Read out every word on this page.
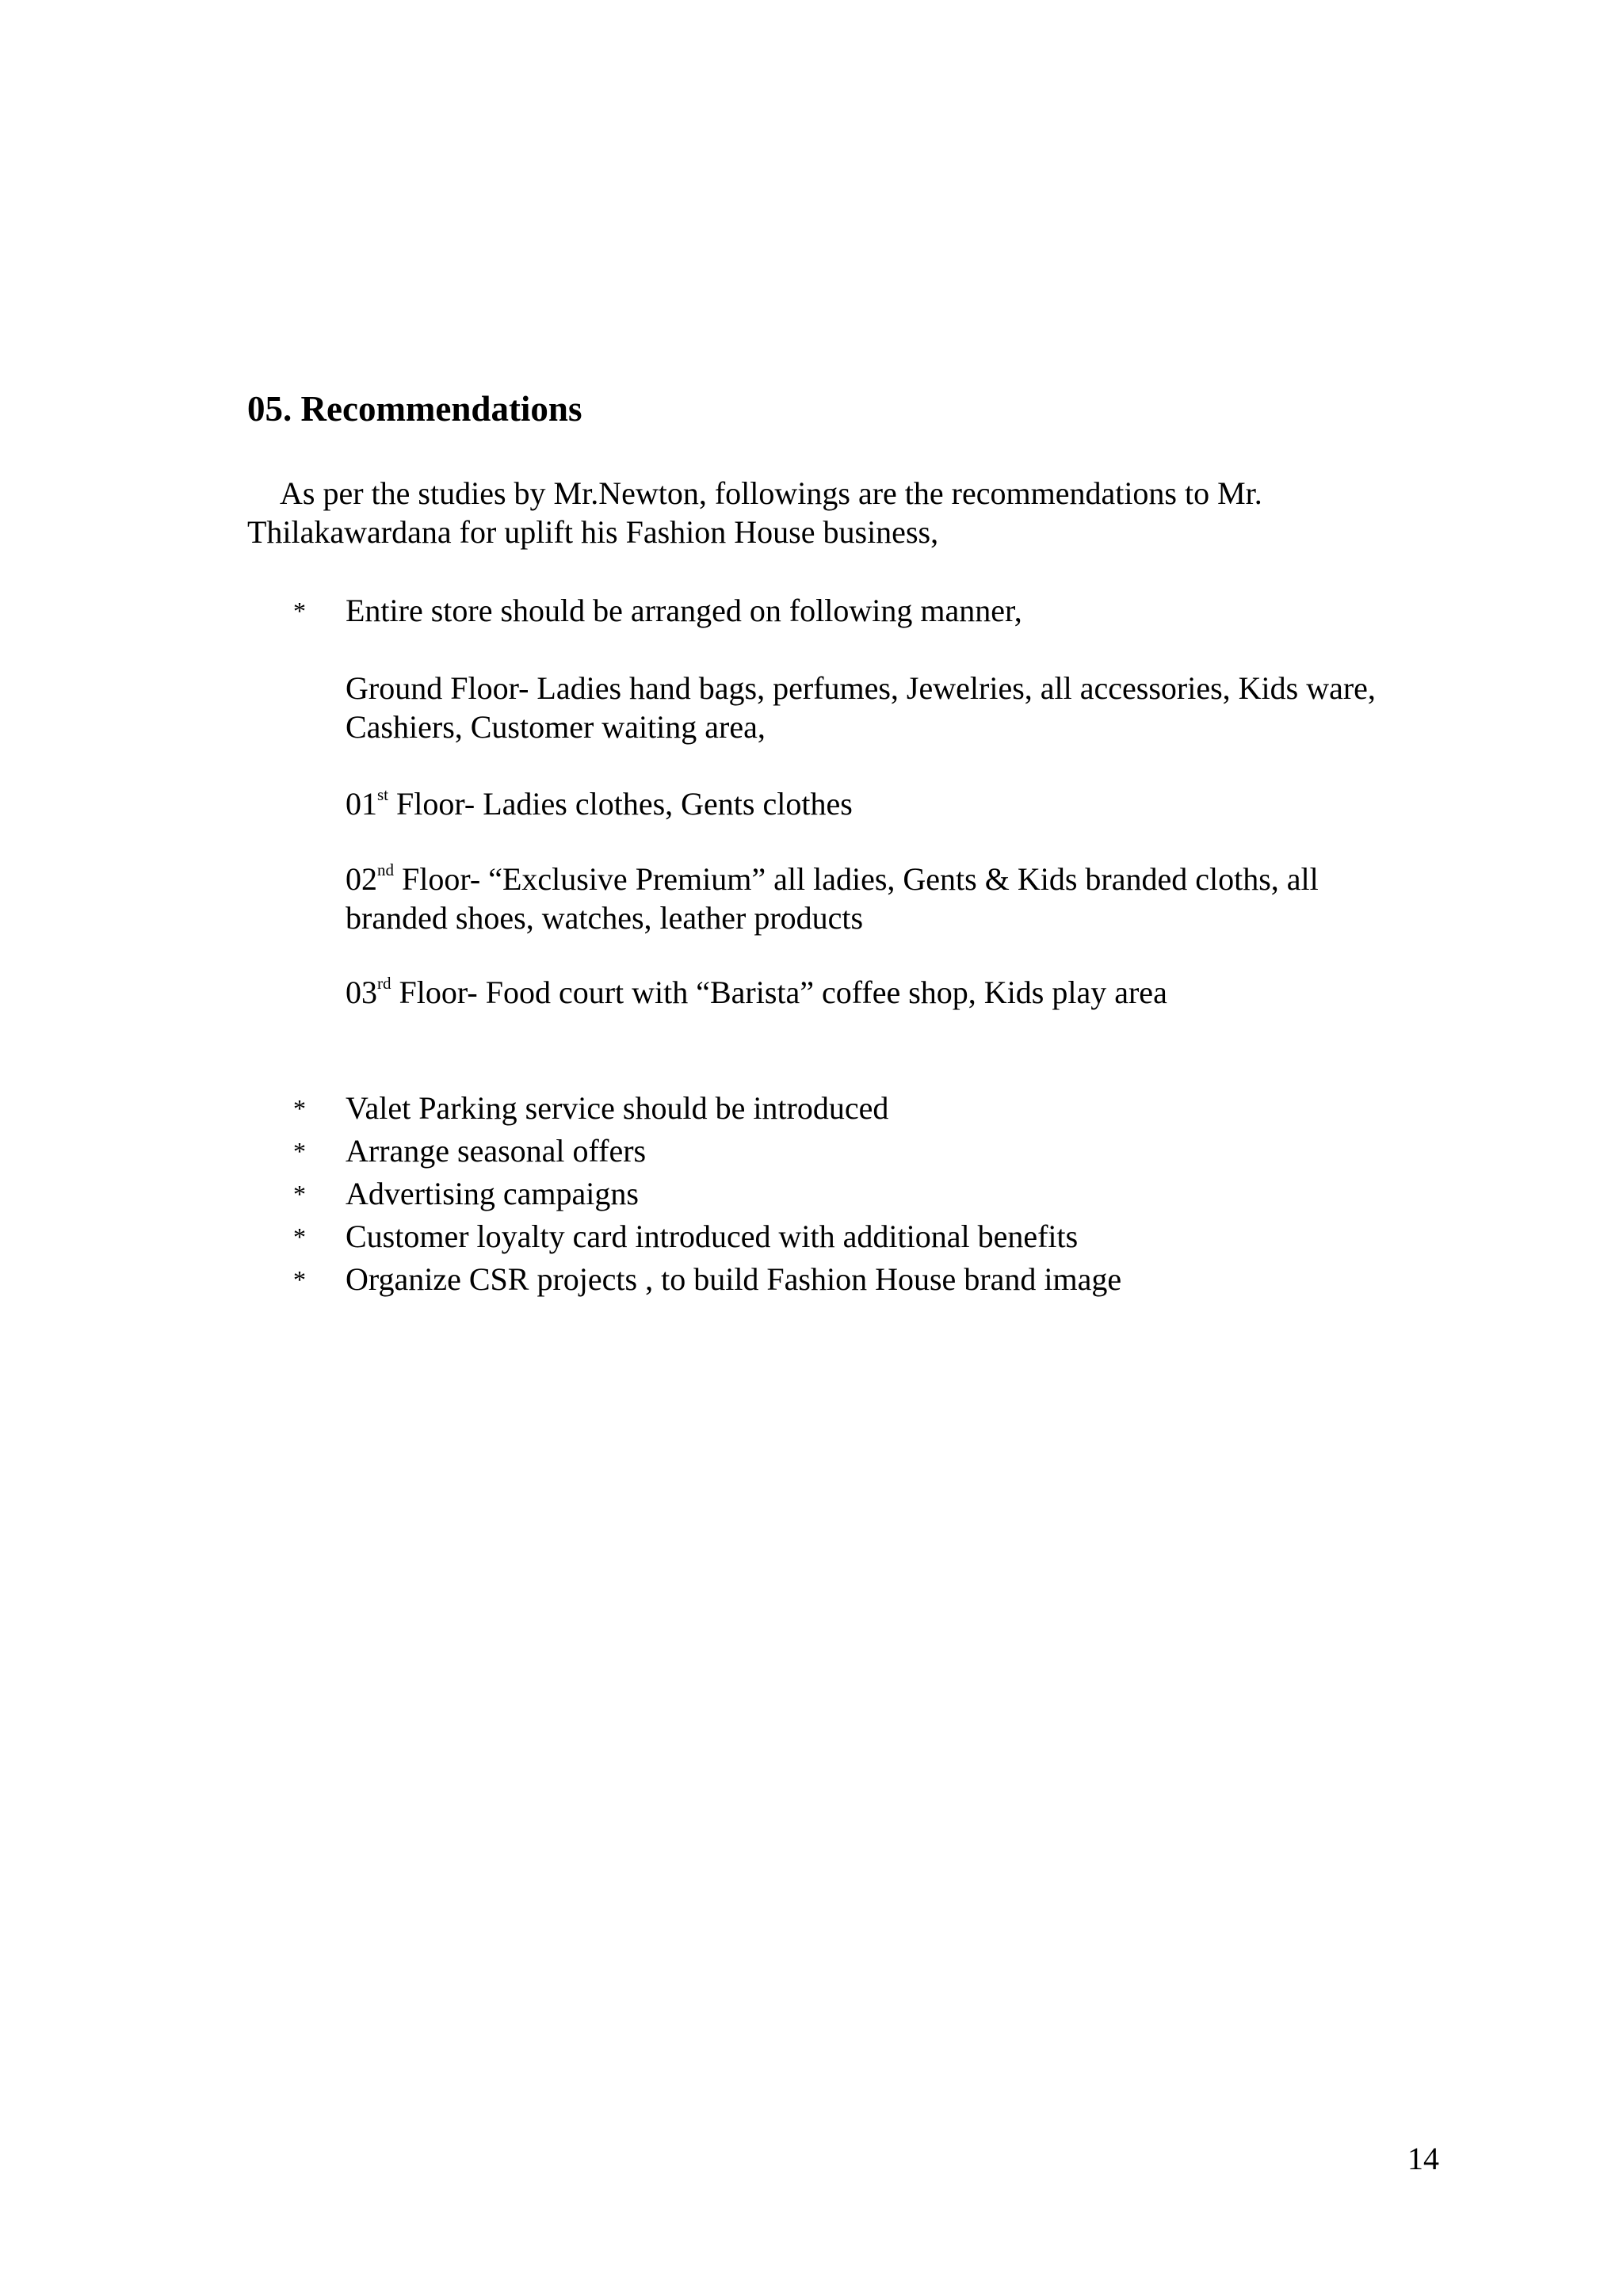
05. Recommendations

As per the studies by Mr.Newton, followings are the recommendations to Mr.
Thilakawardana for uplift his Fashion House business,

* Entire store should be arranged on following manner,
Ground Floor- Ladies hand bags, perfumes, Jewelries, all accessories, Kids ware,
Cashiers, Customer waiting area,
01st Floor- Ladies clothes, Gents clothes
02nd Floor- “Exclusive Premium” all ladies, Gents & Kids branded cloths, all
branded shoes, watches, leather products
03rd Floor- Food court with “Barista” coffee shop, Kids play area
* Valet Parking service should be introduced
* Arrange seasonal offers
* Advertising campaigns
* Customer loyalty card introduced with additional benefits
* Organize CSR projects , to build Fashion House brand image
14
